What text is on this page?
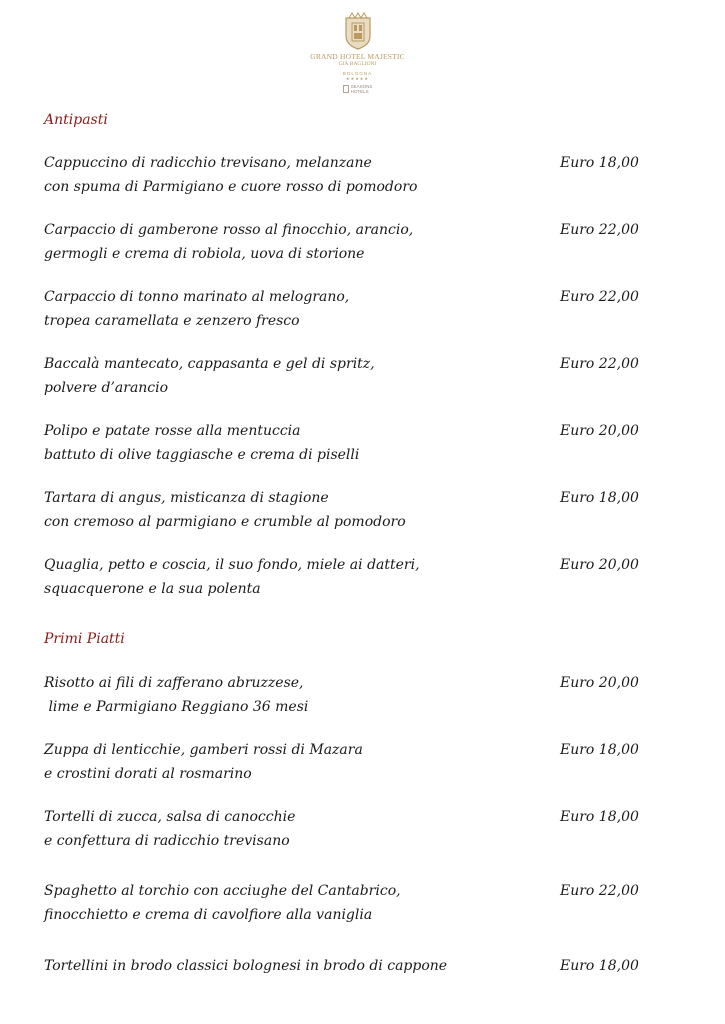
GRAND HOTEL MAJESTIC
GIÀ BAGLIONI
BOLOGNA
★★★★★
SEASONS
HOTELS
Antipasti
Cappuccino di radicchio trevisano, melanzane
con spuma di Parmigiano e cuore rosso di pomodoro
Euro 18,00
Carpaccio di gamberone rosso al finocchio, arancio,
germogli e crema di robiola, uova di storione
Euro 22,00
Carpaccio di tonno marinato al melograno,
tropea caramellata e zenzero fresco
Euro 22,00
Baccalà mantecato, cappasanta e gel di spritz,
polvere d’arancio
Euro 22,00
Polipo e patate rosse alla mentuccia
battuto di olive taggiasche e crema di piselli
Euro 20,00
Tartara di angus, misticanza di stagione
con cremoso al parmigiano e crumble al pomodoro
Euro 18,00
Quaglia, petto e coscia, il suo fondo, miele ai datteri,
squacquerone e la sua polenta
Euro 20,00
Primi Piatti
Risotto ai fili di zafferano abruzzese,
lime e Parmigiano Reggiano 36 mesi
Euro 20,00
Zuppa di lenticchie, gamberi rossi di Mazara
e crostini dorati al rosmarino
Euro 18,00
Tortelli di zucca, salsa di canocchie
e confettura di radicchio trevisano
Euro 18,00
Spaghetto al torchio con acciughe del Cantabrico,
finocchietto e crema di cavolfiore alla vaniglia
Euro 22,00
Tortellini in brodo classici bolognesi in brodo di cappone	Euro 18,00
